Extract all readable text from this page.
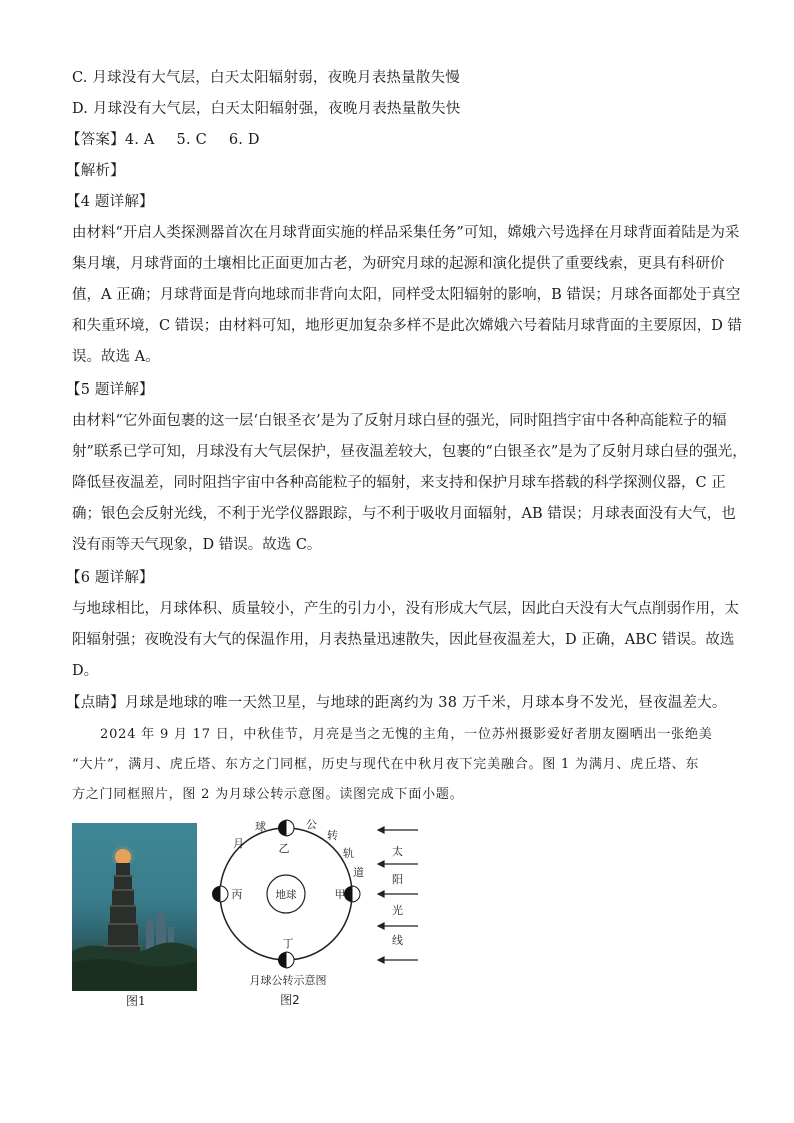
C. 月球没有大气层，白天太阳辐射弱，夜晚月表热量散失慢
D. 月球没有大气层，白天太阳辐射强，夜晚月表热量散失快
【答案】4. A 5. C 6. D
【解析】
【4 题详解】
由材料“开启人类探测器首次在月球背面实施的样品采集任务”可知，嫦娥六号选择在月球背面着陆是为采
集月壤，月球背面的土壤相比正面更加古老，为研究月球的起源和演化提供了重要线索，更具有科研价
值，A 正确；月球背面是背向地球而非背向太阳，同样受太阳辐射的影响，B 错误；月球各面都处于真空
和失重环境，C 错误；由材料可知，地形更加复杂多样不是此次嫦娥六号着陆月球背面的主要原因，D 错
误。故选 A。
【5 题详解】
由材料“它外面包裹的这一层‘白银圣衣’是为了反射月球白昼的强光，同时阻挡宇宙中各种高能粒子的辐
射”联系已学可知，月球没有大气层保护，昼夜温差较大，包裹的“白银圣衣”是为了反射月球白昼的强光，
降低昼夜温差，同时阻挡宇宙中各种高能粒子的辐射，来支持和保护月球车搭载的科学探测仪器，C 正
确；银色会反射光线，不利于光学仪器跟踪，与不利于吸收月面辐射，AB 错误；月球表面没有大气，也
没有雨等天气现象，D 错误。故选 C。
【6 题详解】
与地球相比，月球体积、质量较小，产生的引力小，没有形成大气层，因此白天没有大气点削弱作用，太
阳辐射强；夜晚没有大气的保温作用，月表热量迅速散失，因此昼夜温差大，D 正确，ABC 错误。故选
D。
【点睛】月球是地球的唯一天然卫星，与地球的距离约为 38 万千米，月球本身不发光，昼夜温差大。
2024 年 9 月 17 日，中秋佳节，月亮是当之无愧的主角，一位苏州摄影爱好者朋友圈晒出一张绝美
“大片”，满月、虎丘塔、东方之门同框，历史与现代在中秋月夜下完美融合。图 1 为满月、虎丘塔、东
方之门同框照片，图 2 为月球公转示意图。读图完成下面小题。
图1
地球
乙
甲
丙
丁
月
球	公
转
轨
道
太
阳
光
线
月球公转示意图
图2
